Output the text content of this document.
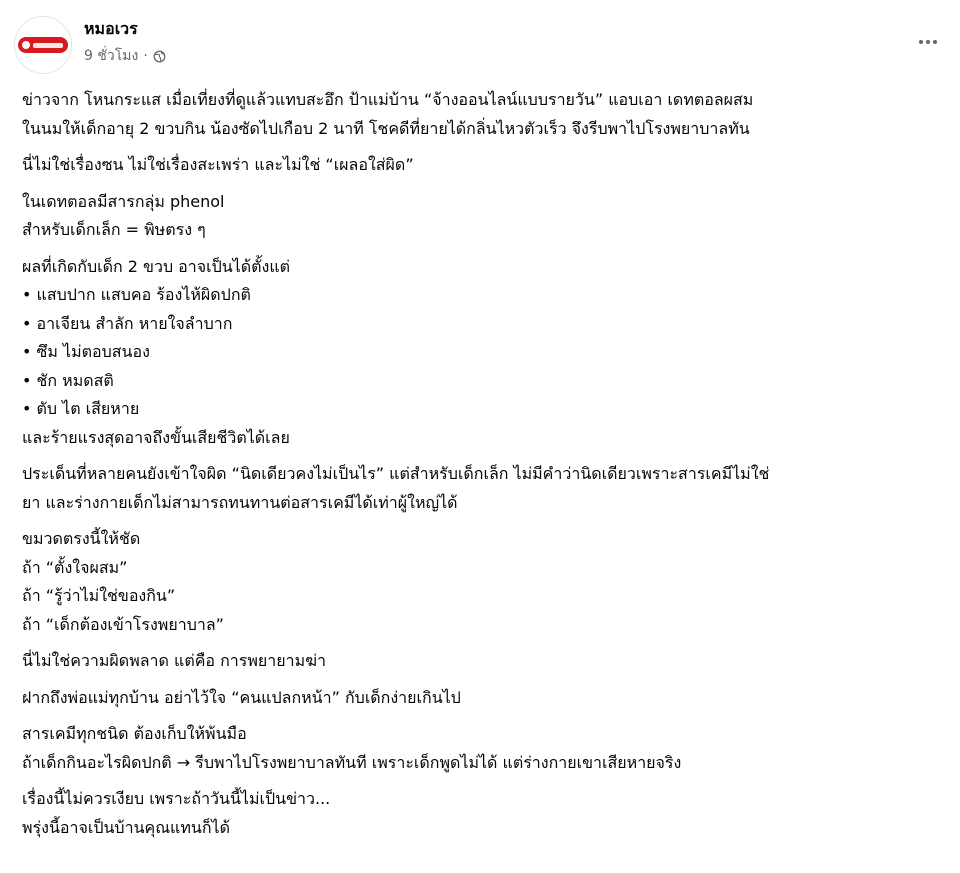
หมอเวร
9 ชั่วโมง ·
ข่าวจาก โหนกระแส เมื่อเที่ยงที่ดูแล้วแทบสะอึก ป้าแม่บ้าน “จ้างออนไลน์แบบรายวัน” แอบเอา เดทตอลผสม
ในนมให้เด็กอายุ 2 ขวบกิน น้องซัดไปเกือบ 2 นาที โชคดีที่ยายได้กลิ่นไหวตัวเร็ว จึงรีบพาไปโรงพยาบาลทัน
นี่ไม่ใช่เรื่องซน ไม่ใช่เรื่องสะเพร่า และไม่ใช่ “เผลอใส่ผิด”
ในเดทตอลมีสารกลุ่ม phenol
สำหรับเด็กเล็ก = พิษตรง ๆ
ผลที่เกิดกับเด็ก 2 ขวบ อาจเป็นได้ตั้งแต่
• แสบปาก แสบคอ ร้องไห้ผิดปกติ
• อาเจียน สำลัก หายใจลำบาก
• ซึม ไม่ตอบสนอง
• ชัก หมดสติ
• ตับ ไต เสียหาย
และร้ายแรงสุดอาจถึงขั้นเสียชีวิตได้เลย
ประเด็นที่หลายคนยังเข้าใจผิด “นิดเดียวคงไม่เป็นไร” แต่สำหรับเด็กเล็ก ไม่มีคำว่านิดเดียวเพราะสารเคมีไม่ใช่
ยา และร่างกายเด็กไม่สามารถทนทานต่อสารเคมีได้เท่าผู้ใหญ่ได้
ขมวดตรงนี้ให้ชัด
ถ้า “ตั้งใจผสม”
ถ้า “รู้ว่าไม่ใช่ของกิน”
ถ้า “เด็กต้องเข้าโรงพยาบาล”
นี่ไม่ใช่ความผิดพลาด แต่คือ การพยายามฆ่า
ฝากถึงพ่อแม่ทุกบ้าน อย่าไว้ใจ “คนแปลกหน้า” กับเด็กง่ายเกินไป
สารเคมีทุกชนิด ต้องเก็บให้พ้นมือ
ถ้าเด็กกินอะไรผิดปกติ → รีบพาไปโรงพยาบาลทันที เพราะเด็กพูดไม่ได้ แต่ร่างกายเขาเสียหายจริง
เรื่องนี้ไม่ควรเงียบ เพราะถ้าวันนี้ไม่เป็นข่าว...
พรุ่งนี้อาจเป็นบ้านคุณแทนก็ได้
